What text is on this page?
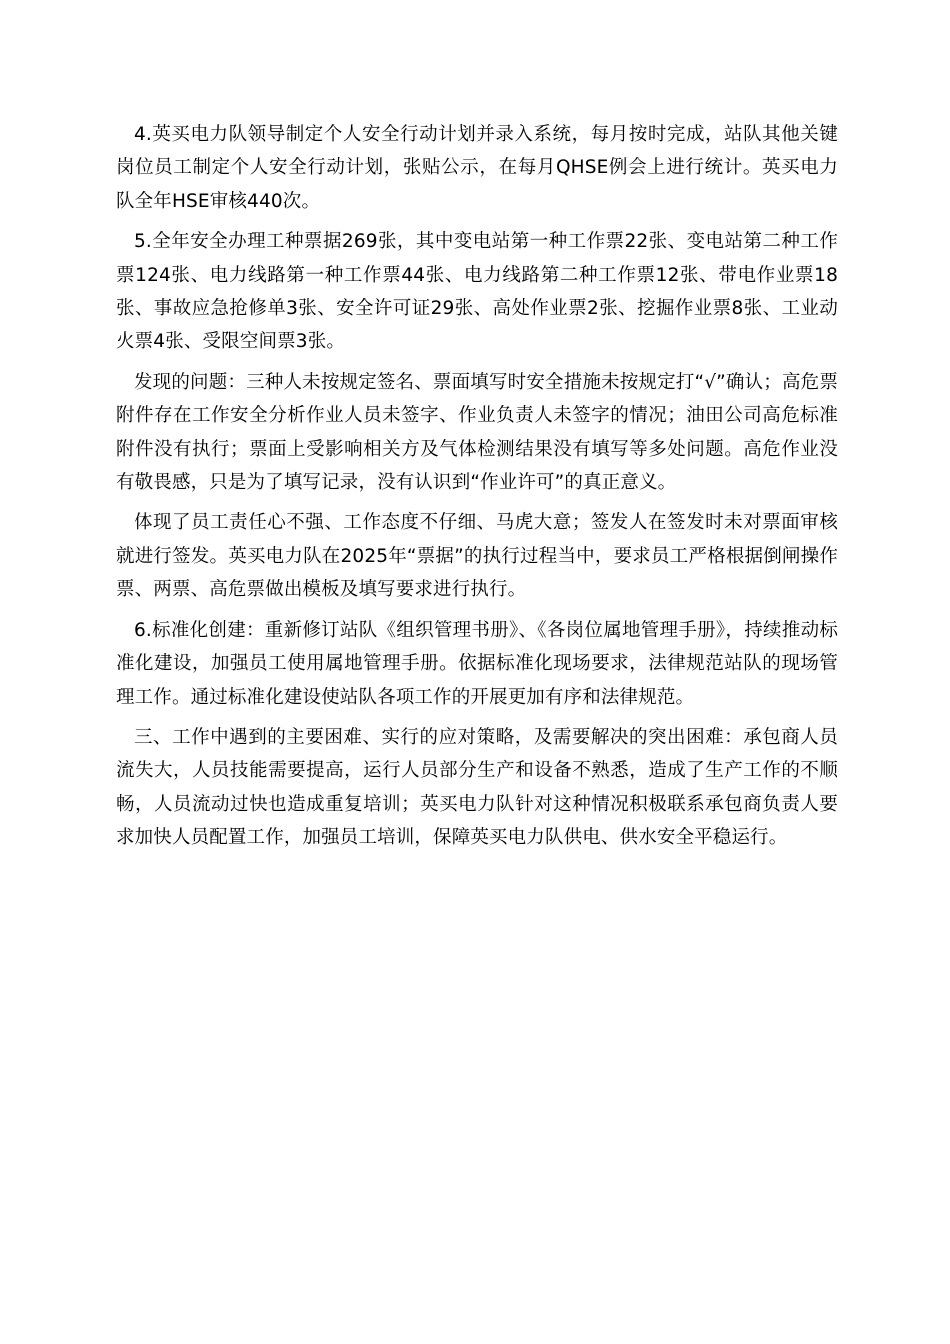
4.英买电力队领导制定个人安全行动计划并录入系统，每月按时完成，站队其他关键岗位员工制定个人安全行动计划，张贴公示，在每月QHSE例会上进行统计。英买电力队全年HSE审核440次。

5.全年安全办理工种票据269张，其中变电站第一种工作票22张、变电站第二种工作票124张、电力线路第一种工作票44张、电力线路第二种工作票12张、带电作业票18张、事故应急抢修单3张、安全许可证29张、高处作业票2张、挖掘作业票8张、工业动火票4张、受限空间票3张。

发现的问题：三种人未按规定签名、票面填写时安全措施未按规定打“√”确认；高危票附件存在工作安全分析作业人员未签字、作业负责人未签字的情况；油田公司高危标准附件没有执行；票面上受影响相关方及气体检测结果没有填写等多处问题。高危作业没有敬畏感，只是为了填写记录，没有认识到“作业许可”的真正意义。

体现了员工责任心不强、工作态度不仔细、马虎大意；签发人在签发时未对票面审核就进行签发。英买电力队在2025年“票据”的执行过程当中，要求员工严格根据倒闸操作票、两票、高危票做出模板及填写要求进行执行。

6.标准化创建：重新修订站队《组织管理书册》、《各岗位属地管理手册》，持续推动标准化建设，加强员工使用属地管理手册。依据标准化现场要求，法律规范站队的现场管理工作。通过标准化建设使站队各项工作的开展更加有序和法律规范。

三、工作中遇到的主要困难、实行的应对策略，及需要解决的突出困难：承包商人员流失大，人员技能需要提高，运行人员部分生产和设备不熟悉，造成了生产工作的不顺畅，人员流动过快也造成重复培训；英买电力队针对这种情况积极联系承包商负责人要求加快人员配置工作，加强员工培训，保障英买电力队供电、供水安全平稳运行。
